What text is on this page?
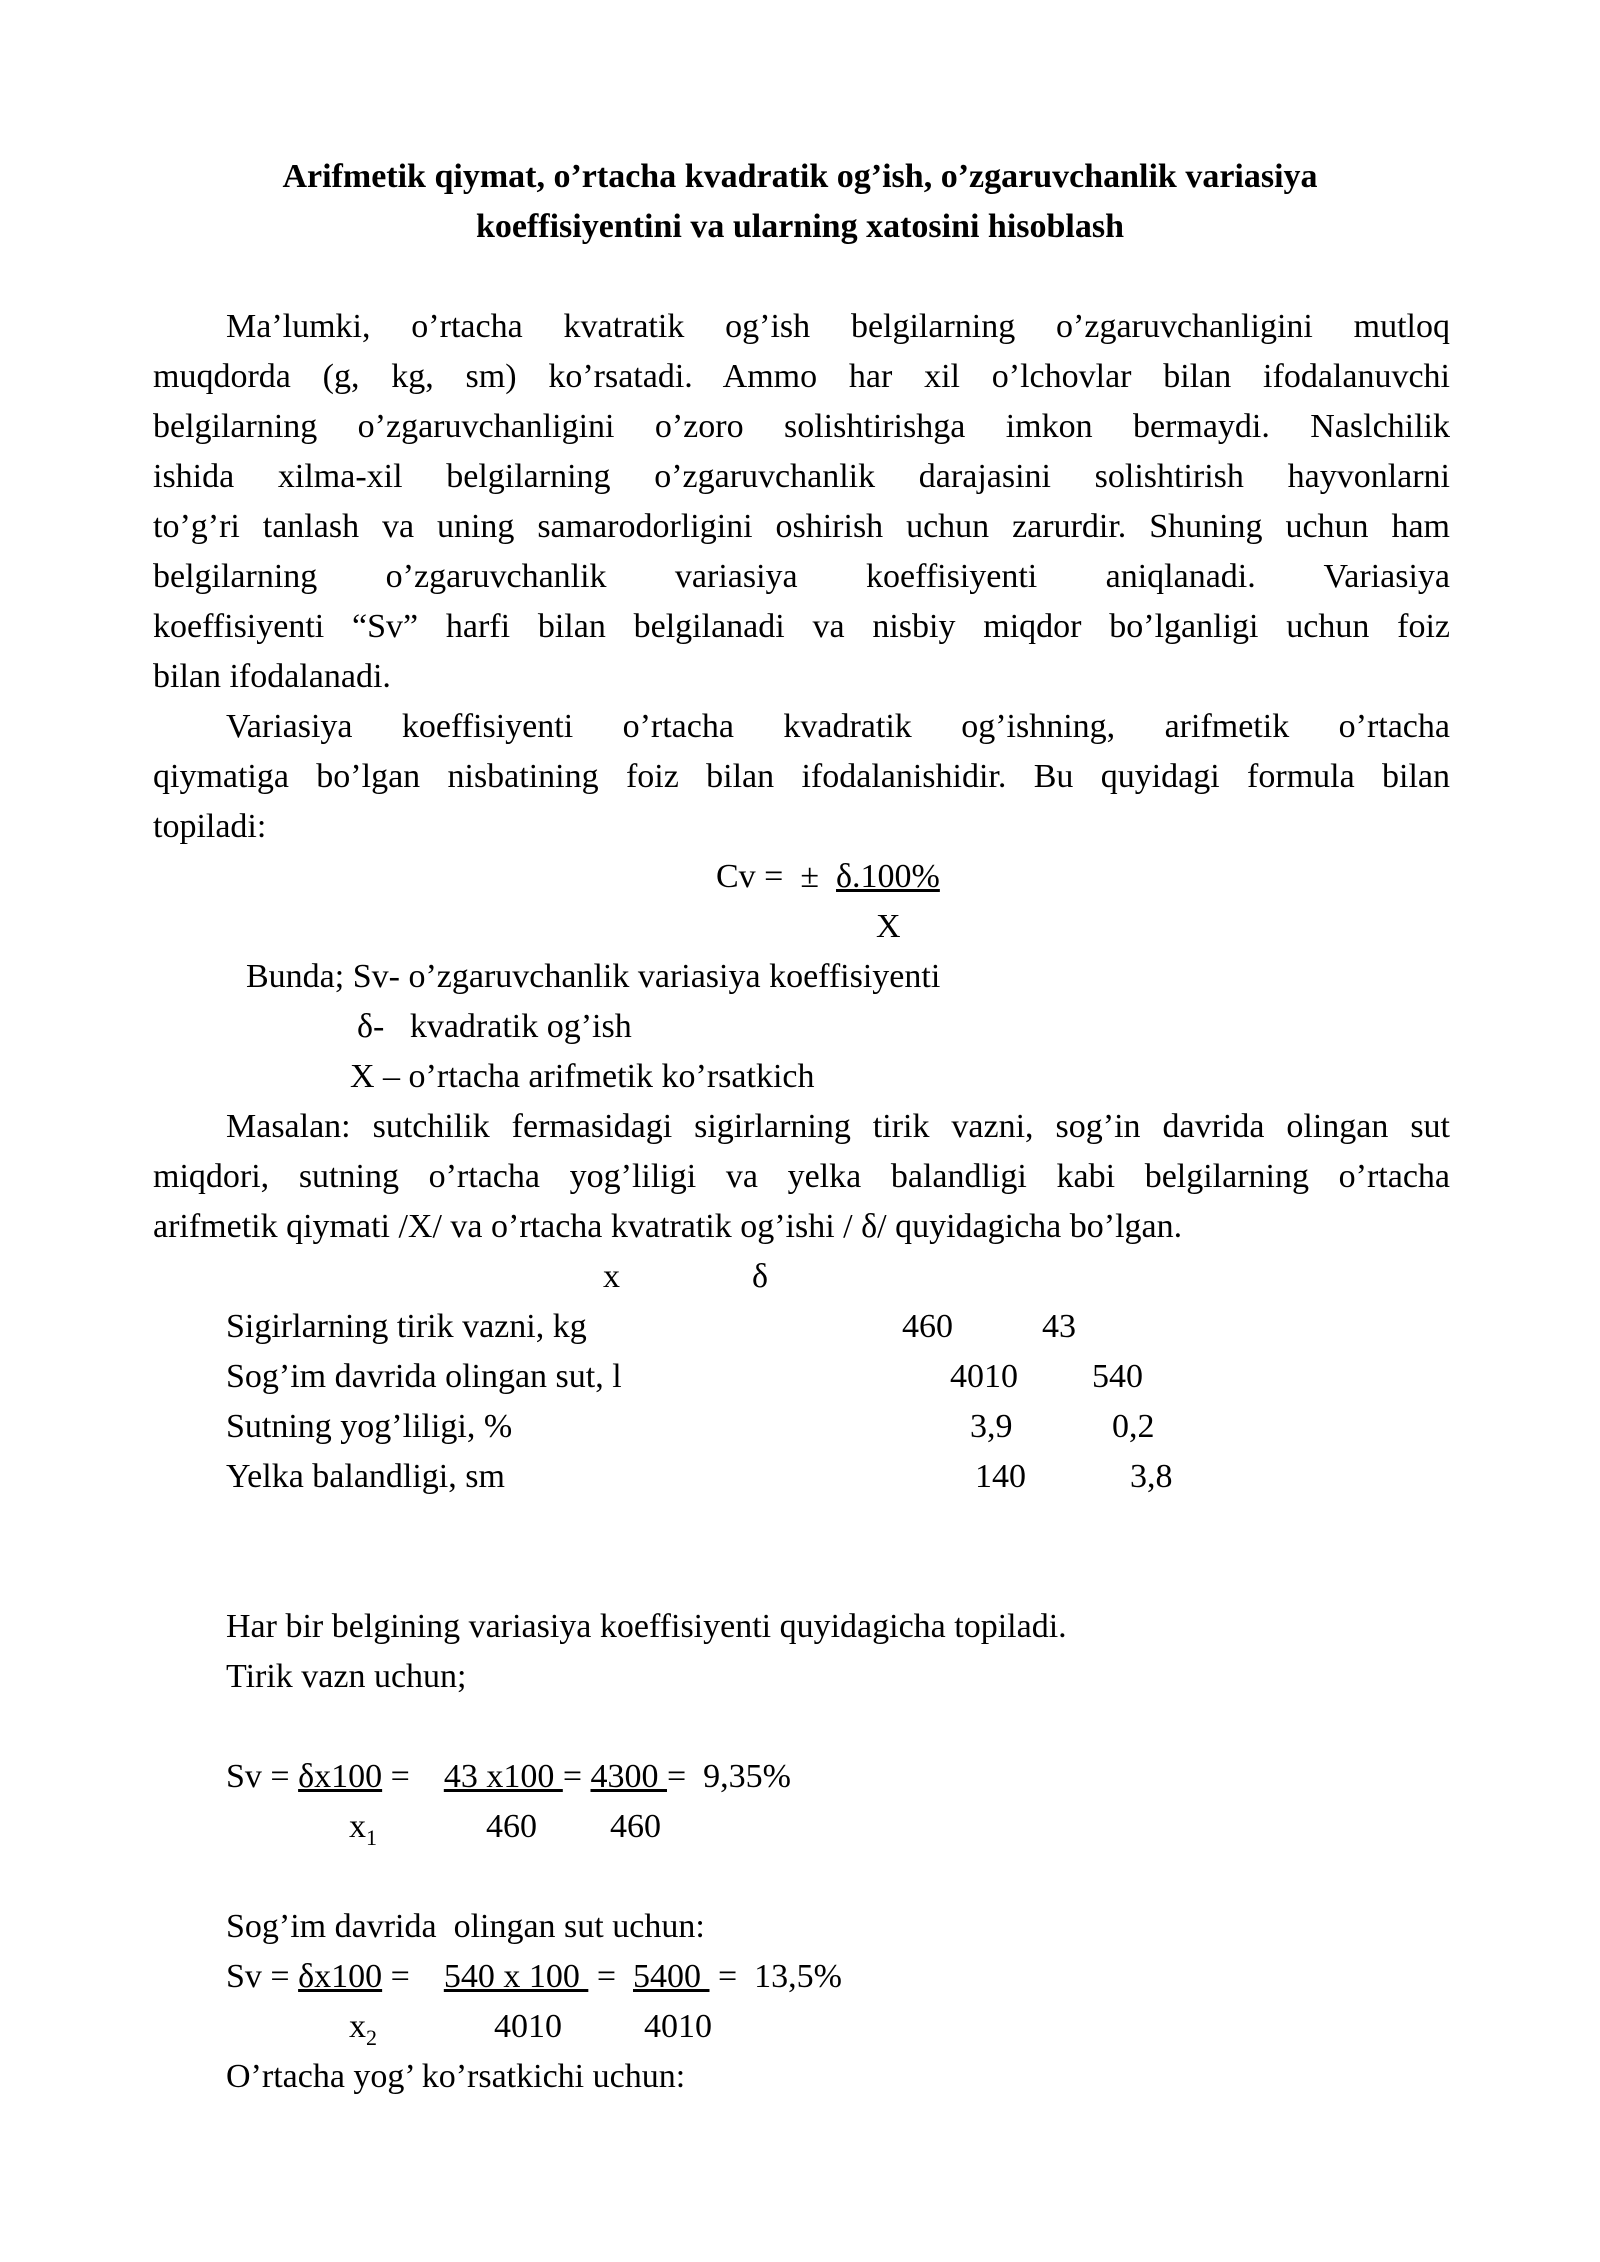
Arifmetik qiymat, o’rtacha kvadratik og’ish, o’zgaruvchanlik variasiya
koeffisiyentini va ularning xatosini hisoblash
Ma’lumki, o’rtacha kvatratik og’ish belgilarning o’zgaruvchanligini mutloq
muqdorda (g, kg, sm) ko’rsatadi. Ammo har xil o’lchovlar bilan ifodalanuvchi
belgilarning o’zgaruvchanligini o’zoro solishtirishga imkon bermaydi. Naslchilik
ishida xilma-xil belgilarning o’zgaruvchanlik darajasini solishtirish hayvonlarni
to’g’ri tanlash va uning samarodorligini oshirish uchun zarurdir. Shuning uchun ham
belgilarning o’zgaruvchanlik variasiya koeffisiyenti aniqlanadi. Variasiya
koeffisiyenti “Sv” harfi bilan belgilanadi va nisbiy miqdor bo’lganligi uchun foiz
bilan ifodalanadi.
Variasiya koeffisiyenti o’rtacha kvadratik og’ishning, arifmetik o’rtacha
qiymatiga bo’lgan nisbatining foiz bilan ifodalanishidir. Bu quyidagi formula bilan
topiladi:
Cv =  ±  δ.100%
X
Bunda; Sv- o’zgaruvchanlik variasiya koeffisiyenti
δ-   kvadratik og’ish
X – o’rtacha arifmetik ko’rsatkich
Masalan: sutchilik fermasidagi sigirlarning tirik vazni, sog’in davrida olingan sut
miqdori, sutning o’rtacha yog’liligi va yelka balandligi kabi belgilarning o’rtacha
arifmetik qiymati /X/ va o’rtacha kvatratik og’ishi / δ/ quyidagicha bo’lgan.
x	δ
Sigirlarning tirik vazni, kg	460	43
Sog’im davrida olingan sut, l	4010 540
Sutning yog’liligi, %	3,9	0,2
Yelka balandligi, sm	140	3,8
Har bir belgining variasiya koeffisiyenti quyidagicha topiladi.
Tirik vazn uchun;
Sv = δх100 =    43 х100 = 4300 =  9,35%
$х_1$	460 460
Sog’im davrida  olingan sut uchun:
Sv = δх100 =    540 x 100  =  5400  =  13,5%
$х_2$	4010 4010
O’rtacha yog’ ko’rsatkichi uchun:
